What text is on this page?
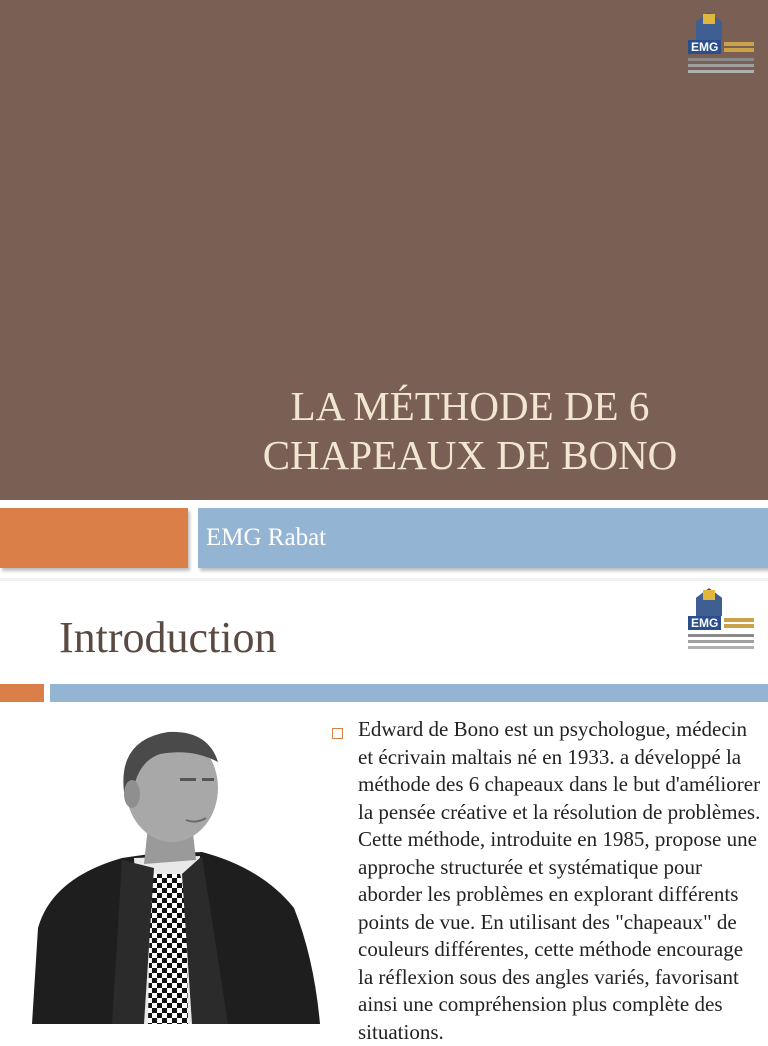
EMG
LA MÉTHODE DE 6
CHAPEAUX DE BONO
EMG Rabat
Introduction	EMG
Edward de Bono est un psychologue, médecin et écrivain maltais né en 1933. a développé la méthode des 6 chapeaux dans le but d'améliorer la pensée créative et la résolution de problèmes. Cette méthode, introduite en 1985, propose une approche structurée et systématique pour aborder les problèmes en explorant différents points de vue. En utilisant des "chapeaux" de couleurs différentes, cette méthode encourage la réflexion sous des angles variés, favorisant ainsi une compréhension plus complète des situations.
